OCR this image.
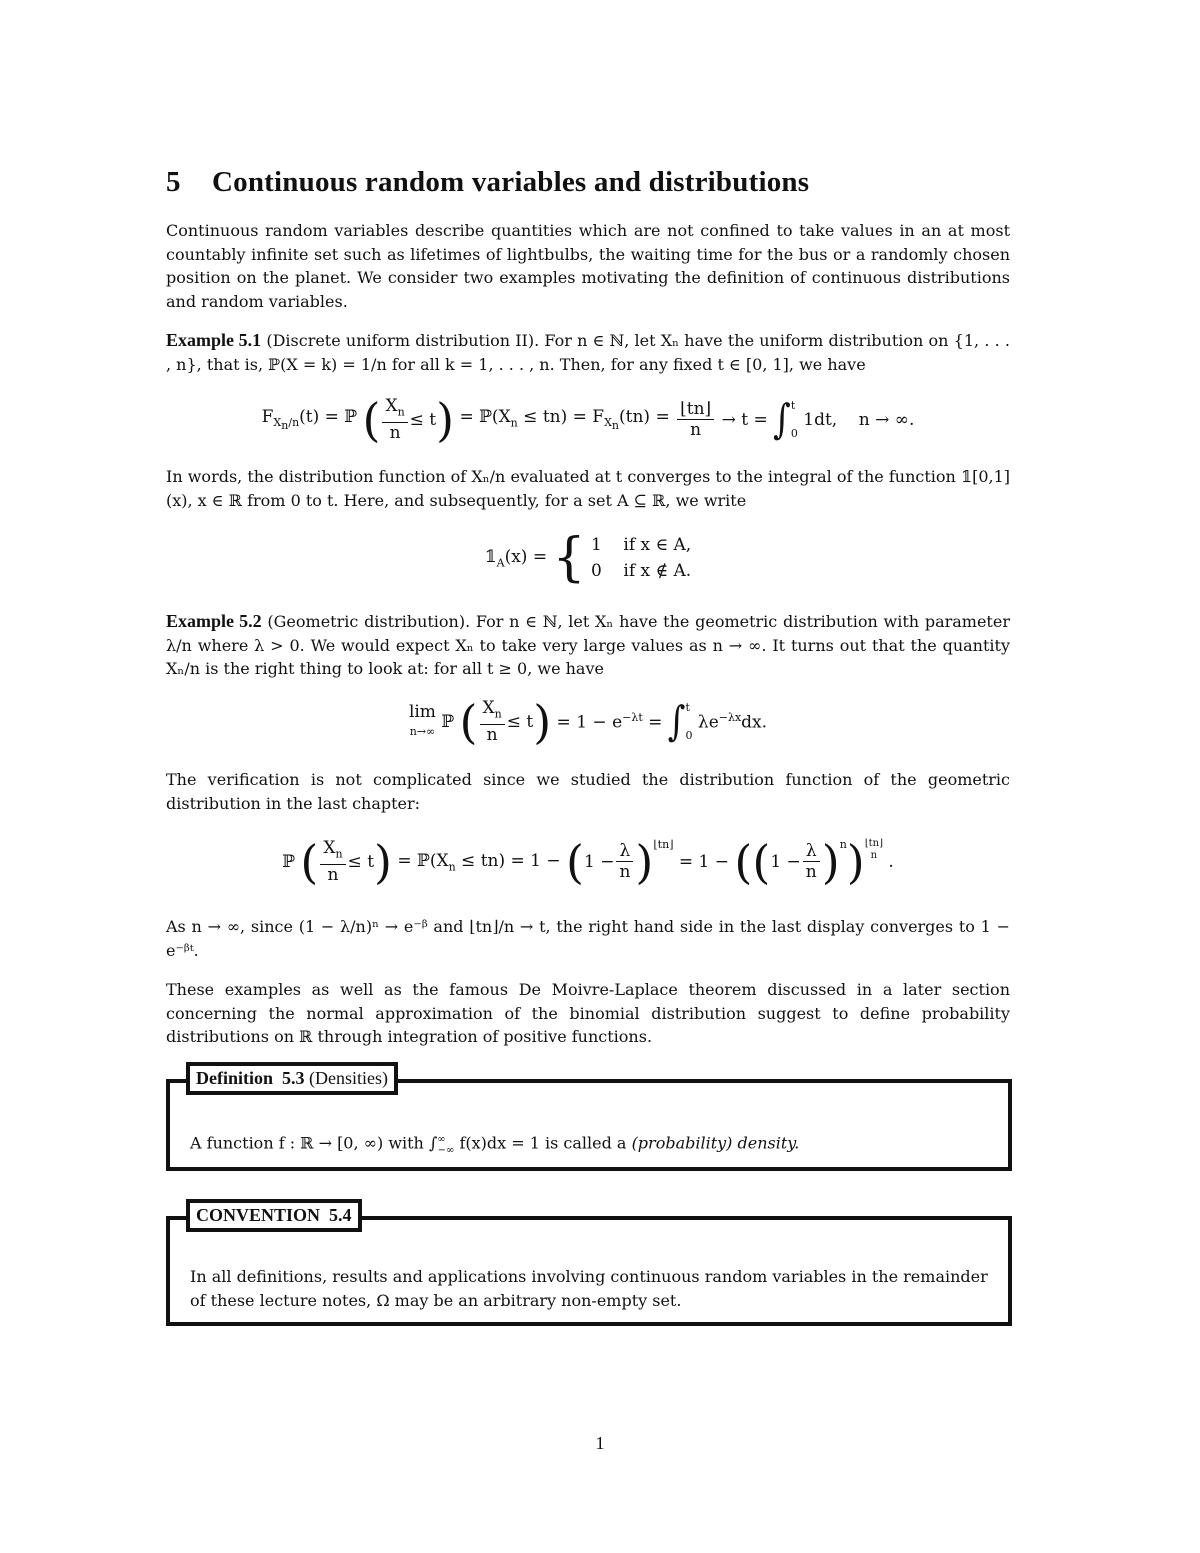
5 Continuous random variables and distributions

Continuous random variables describe quantities which are not confined to take values in an at most countably infinite set such as lifetimes of lightbulbs, the waiting time for the bus or a randomly chosen position on the planet. We consider two examples motivating the definition of continuous distributions and random variables.

Example 5.1 (Discrete uniform distribution II). For n ∈ ℕ, let Xₙ have the uniform distribution on {1, . . . , n}, that is, ℙ(X = k) = 1/n for all k = 1, . . . , n. Then, for any fixed t ∈ [0, 1], we have

$F_{X_n/n}(t)$ = ℙ ( $\frac{X_n}{n} \le t$) = $ℙ(X_n \le tn) = F_{X_n}(tn) = \frac{⌊tn⌋}{n} \to t = \int t$

0 1dt,    n → ∞.

In words, the distribution function of Xₙ/n evaluated at t converges to the integral of the function 𝟙[0,1](x), x ∈ ℝ from 0 to t. Here, and subsequently, for a set A ⊆ ℝ, we write

$𝟙_A(x)$ = { 1    if x ∈ A,
0    if x ∉ A.

Example 5.2 (Geometric distribution). For n ∈ ℕ, let Xₙ have the geometric distribution with parameter λ/n where λ > 0. We would expect Xₙ to take very large values as n → ∞. It turns out that the quantity Xₙ/n is the right thing to look at: for all t ≥ 0, we have

lim
n→∞ ℙ ( $\frac{X_n}{n} \le t) = 1 - e^{-\lambda t} = \int t$

0 $\lambda e^{-\lambda x}dx$.

The verification is not complicated since we studied the distribution function of the geometric distribution in the last chapter:

ℙ ( $\frac{X_n}{n} \le t$) = $ℙ(X_n \le tn) = 1 - (1 - \frac{\lambda}{n}$ )⌊tn⌋ = $1 - ((1 - \frac{\lambda}{n}$ )n)⌊tn⌋
n .

As n → ∞, since (1 − λ/n)ⁿ → e⁻ᵝ and ⌊tn⌋/n → t, the right hand side in the last display converges to 1 − e⁻ᵝᵗ.

These examples as well as the famous De Moivre-Laplace theorem discussed in a later section concerning the normal approximation of the binomial distribution suggest to define probability distributions on ℝ through integration of positive functions.

Definition 5.3 (Densities)

A function f : ℝ → [0, ∞) with $\int^\infty_{-\infty}$ f(x)dx = 1 is called a (probability) density.

CONVENTION 5.4

In all definitions, results and applications involving continuous random variables in the remainder of these lecture notes, Ω may be an arbitrary non-empty set.

1
